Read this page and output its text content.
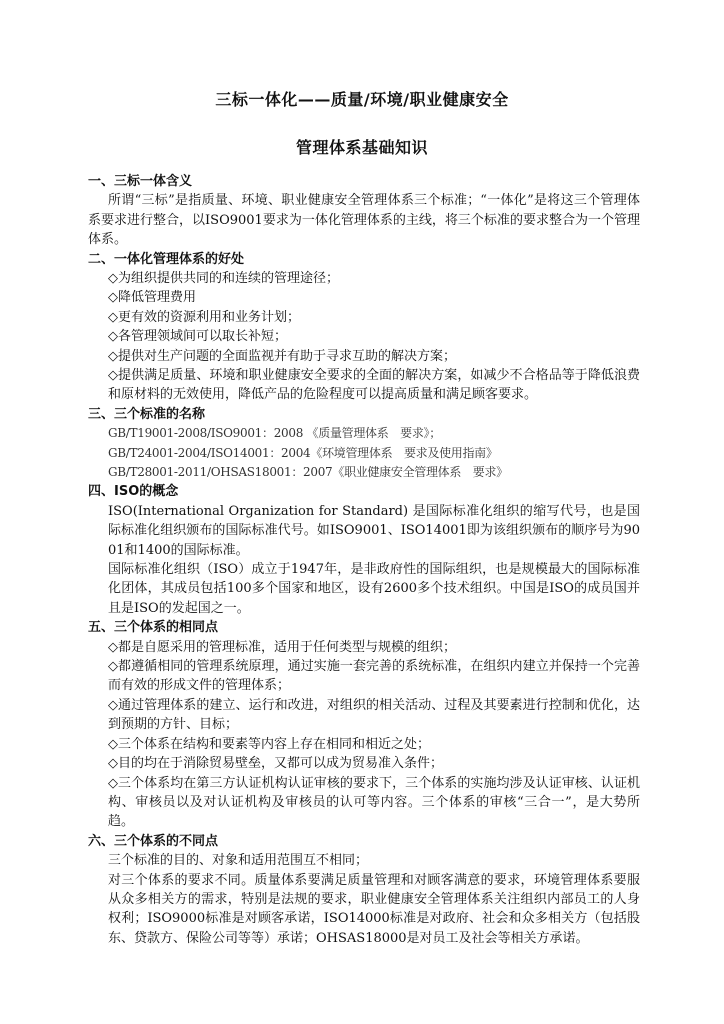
三标一体化——质量/环境/职业健康安全
管理体系基础知识
一、三标一体含义
所谓“三标”是指质量、环境、职业健康安全管理体系三个标准；“一体化”是将这三个管理体系要求进行整合，以ISO9001要求为一体化管理体系的主线，将三个标准的要求整合为一个管理体系。
二、一体化管理体系的好处
◇为组织提供共同的和连续的管理途径；
◇降低管理费用
◇更有效的资源利用和业务计划；
◇各管理领域间可以取长补短；
◇提供对生产问题的全面监视并有助于寻求互助的解决方案；
◇提供满足质量、环境和职业健康安全要求的全面的解决方案，如减少不合格品等于降低浪费和原材料的无效使用，降低产品的危险程度可以提高质量和满足顾客要求。
三、三个标准的名称
GB/T19001-2008/ISO9001：2008 《质量管理体系　要求》；
GB/T24001-2004/ISO14001：2004《环境管理体系　要求及使用指南》
GB/T28001-2011/OHSAS18001：2007《职业健康安全管理体系　要求》
四、ISO的概念
ISO(International Organization for Standard) 是国际标准化组织的缩写代号，也是国际标准化组织颁布的国际标准代号。如ISO9001、ISO14001即为该组织颁布的顺序号为9001和1400的国际标准。
国际标准化组织（ISO）成立于1947年，是非政府性的国际组织，也是规模最大的国际标准化团体，其成员包括100多个国家和地区，设有2600多个技术组织。中国是ISO的成员国并且是ISO的发起国之一。
五、三个体系的相同点
◇都是自愿采用的管理标准，适用于任何类型与规模的组织；
◇都遵循相同的管理系统原理，通过实施一套完善的系统标准，在组织内建立并保持一个完善而有效的形成文件的管理体系；
◇通过管理体系的建立、运行和改进，对组织的相关活动、过程及其要素进行控制和优化，达到预期的方针、目标；
◇三个体系在结构和要素等内容上存在相同和相近之处；
◇目的均在于消除贸易壁垒，又都可以成为贸易准入条件；
◇三个体系均在第三方认证机构认证审核的要求下，三个体系的实施均涉及认证审核、认证机构、审核员以及对认证机构及审核员的认可等内容。三个体系的审核“三合一”，是大势所趋。
六、三个体系的不同点
三个标准的目的、对象和适用范围互不相同；
对三个体系的要求不同。质量体系要满足质量管理和对顾客满意的要求，环境管理体系要服从众多相关方的需求，特别是法规的要求，职业健康安全管理体系关注组织内部员工的人身权利；ISO9000标准是对顾客承诺，ISO14000标准是对政府、社会和众多相关方（包括股东、贷款方、保险公司等等）承诺；OHSAS18000是对员工及社会等相关方承诺。
